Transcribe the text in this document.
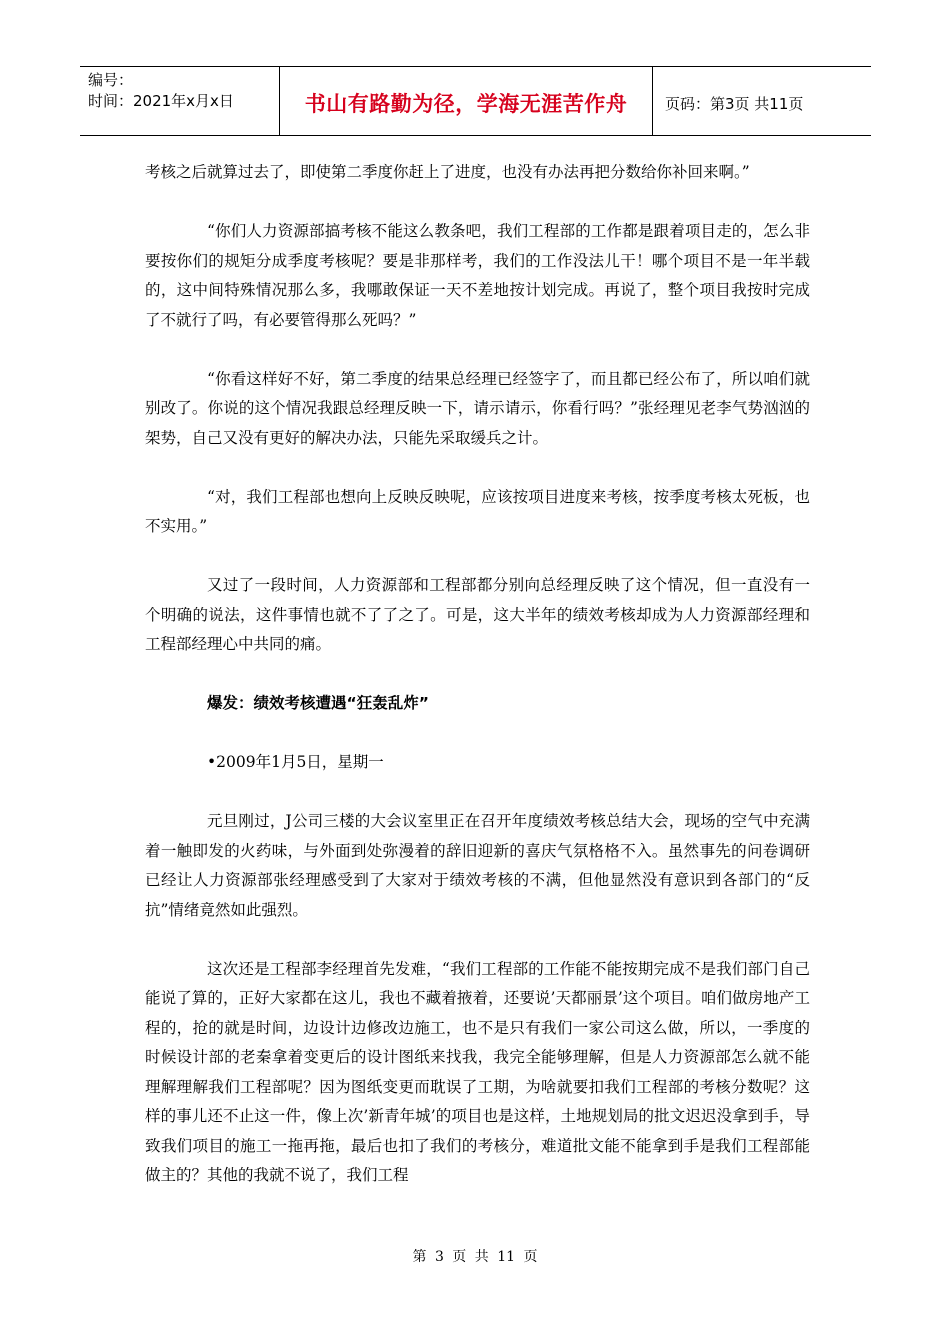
编号：
时间：2021年x月x日	书山有路勤为径，学海无涯苦作舟	页码：第3页 共11页

考核之后就算过去了，即使第二季度你赶上了进度，也没有办法再把分数给你补回来啊。”

“你们人力资源部搞考核不能这么教条吧，我们工程部的工作都是跟着项目走的，怎么非要按你们的规矩分成季度考核呢？要是非那样考，我们的工作没法儿干！哪个项目不是一年半载的，这中间特殊情况那么多，我哪敢保证一天不差地按计划完成。再说了，整个项目我按时完成了不就行了吗，有必要管得那么死吗？”

“你看这样好不好，第二季度的结果总经理已经签字了，而且都已经公布了，所以咱们就别改了。你说的这个情况我跟总经理反映一下，请示请示，你看行吗？”张经理见老李气势汹汹的架势，自己又没有更好的解决办法，只能先采取缓兵之计。

“对，我们工程部也想向上反映反映呢，应该按项目进度来考核，按季度考核太死板，也不实用。”

又过了一段时间，人力资源部和工程部都分别向总经理反映了这个情况，但一直没有一个明确的说法，这件事情也就不了了之了。可是，这大半年的绩效考核却成为人力资源部经理和工程部经理心中共同的痛。

爆发：绩效考核遭遇“狂轰乱炸”

•2009年1月5日，星期一

元旦刚过，J公司三楼的大会议室里正在召开年度绩效考核总结大会，现场的空气中充满着一触即发的火药味，与外面到处弥漫着的辞旧迎新的喜庆气氛格格不入。虽然事先的问卷调研已经让人力资源部张经理感受到了大家对于绩效考核的不满，但他显然没有意识到各部门的“反抗”情绪竟然如此强烈。

这次还是工程部李经理首先发难，“我们工程部的工作能不能按期完成不是我们部门自己能说了算的，正好大家都在这儿，我也不藏着掖着，还要说’天都丽景’这个项目。咱们做房地产工程的，抢的就是时间，边设计边修改边施工，也不是只有我们一家公司这么做，所以，一季度的时候设计部的老秦拿着变更后的设计图纸来找我，我完全能够理解，但是人力资源部怎么就不能理解理解我们工程部呢？因为图纸变更而耽误了工期，为啥就要扣我们工程部的考核分数呢？这样的事儿还不止这一件，像上次’新青年城’的项目也是这样，土地规划局的批文迟迟没拿到手，导致我们项目的施工一拖再拖，最后也扣了我们的考核分，难道批文能不能拿到手是我们工程部能做主的？其他的我就不说了，我们工程

第 3 页 共 11 页
